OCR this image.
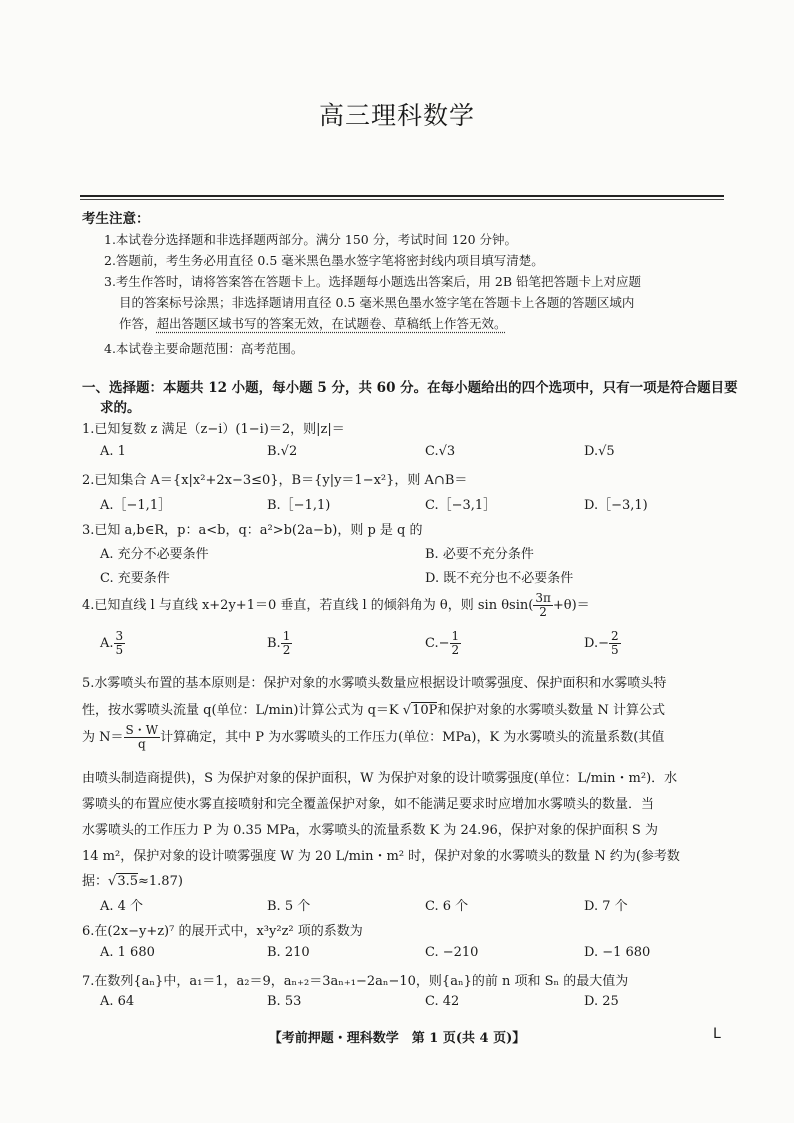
高三理科数学
考生注意：
1.本试卷分选择题和非选择题两部分。满分 150 分，考试时间 120 分钟。
2.答题前，考生务必用直径 0.5 毫米黑色墨水签字笔将密封线内项目填写清楚。
3.考生作答时，请将答案答在答题卡上。选择题每小题选出答案后，用 2B 铅笔把答题卡上对应题
目的答案标号涂黑；非选择题请用直径 0.5 毫米黑色墨水签字笔在答题卡上各题的答题区域内
作答，超出答题区域书写的答案无效，在试题卷、草稿纸上作答无效。
4.本试卷主要命题范围：高考范围。
一、选择题：本题共 12 小题，每小题 5 分，共 60 分。在每小题给出的四个选项中，只有一项是符合题目要
求的。
1.已知复数 z 满足（z−i）(1−i)＝2，则|z|＝
A. 1	B.√2	C.√3	D.√5
2.已知集合 A＝{x|x²+2x−3≤0}，B＝{y|y＝1−x²}，则 A∩B＝
A.［−1,1］	B.［−1,1)	C.［−3,1］	D.［−3,1)
3.已知 a,b∈R，p：a<b，q：a²>b(2a−b)，则 p 是 q 的
A. 充分不必要条件	B. 必要不充分条件
C. 充要条件	D. 既不充分也不必要条件
4.已知直线 l 与直线 x+2y+1＝0 垂直，若直线 l 的倾斜角为 θ，则 $\sin \theta\sin( \frac{3\pi}{2} +\theta)=$
A. $\frac{3}{5}$	B. $\frac{1}{2}$	$C.- \frac{1}{2}$	$D.- \frac{2}{5}$
5.水雾喷头布置的基本原则是：保护对象的水雾喷头数量应根据设计喷雾强度、保护面积和水雾喷头特
性，按水雾喷头流量 q(单位：L/min)计算公式为 q＝K √10P和保护对象的水雾喷头数量 N 计算公式
为 $N= \frac{S・W}{q}$ 计算确定，其中 P 为水雾喷头的工作压力(单位：MPa)，K 为水雾喷头的流量系数(其值
由喷头制造商提供)，S 为保护对象的保护面积，W 为保护对象的设计喷雾强度(单位：L/min・m²)．水
雾喷头的布置应使水雾直接喷射和完全覆盖保护对象，如不能满足要求时应增加水雾喷头的数量．当
水雾喷头的工作压力 P 为 0.35 MPa，水雾喷头的流量系数 K 为 24.96，保护对象的保护面积 S 为
14 m²，保护对象的设计喷雾强度 W 为 20 L/min・m² 时，保护对象的水雾喷头的数量 N 约为(参考数
据：√3.5≈1.87)
A. 4 个	B. 5 个	C. 6 个	D. 7 个
6.在(2x−y+z)⁷ 的展开式中，x³y²z² 项的系数为
A. 1 680	B. 210	C. −210	D. −1 680
7.在数列{aₙ}中，a₁＝1，a₂＝9，aₙ₊₂＝3aₙ₊₁−2aₙ−10，则{aₙ}的前 n 项和 Sₙ 的最大值为
A. 64	B. 53	C. 42	D. 25
【考前押题・理科数学　第 1 页(共 4 页)】	L
